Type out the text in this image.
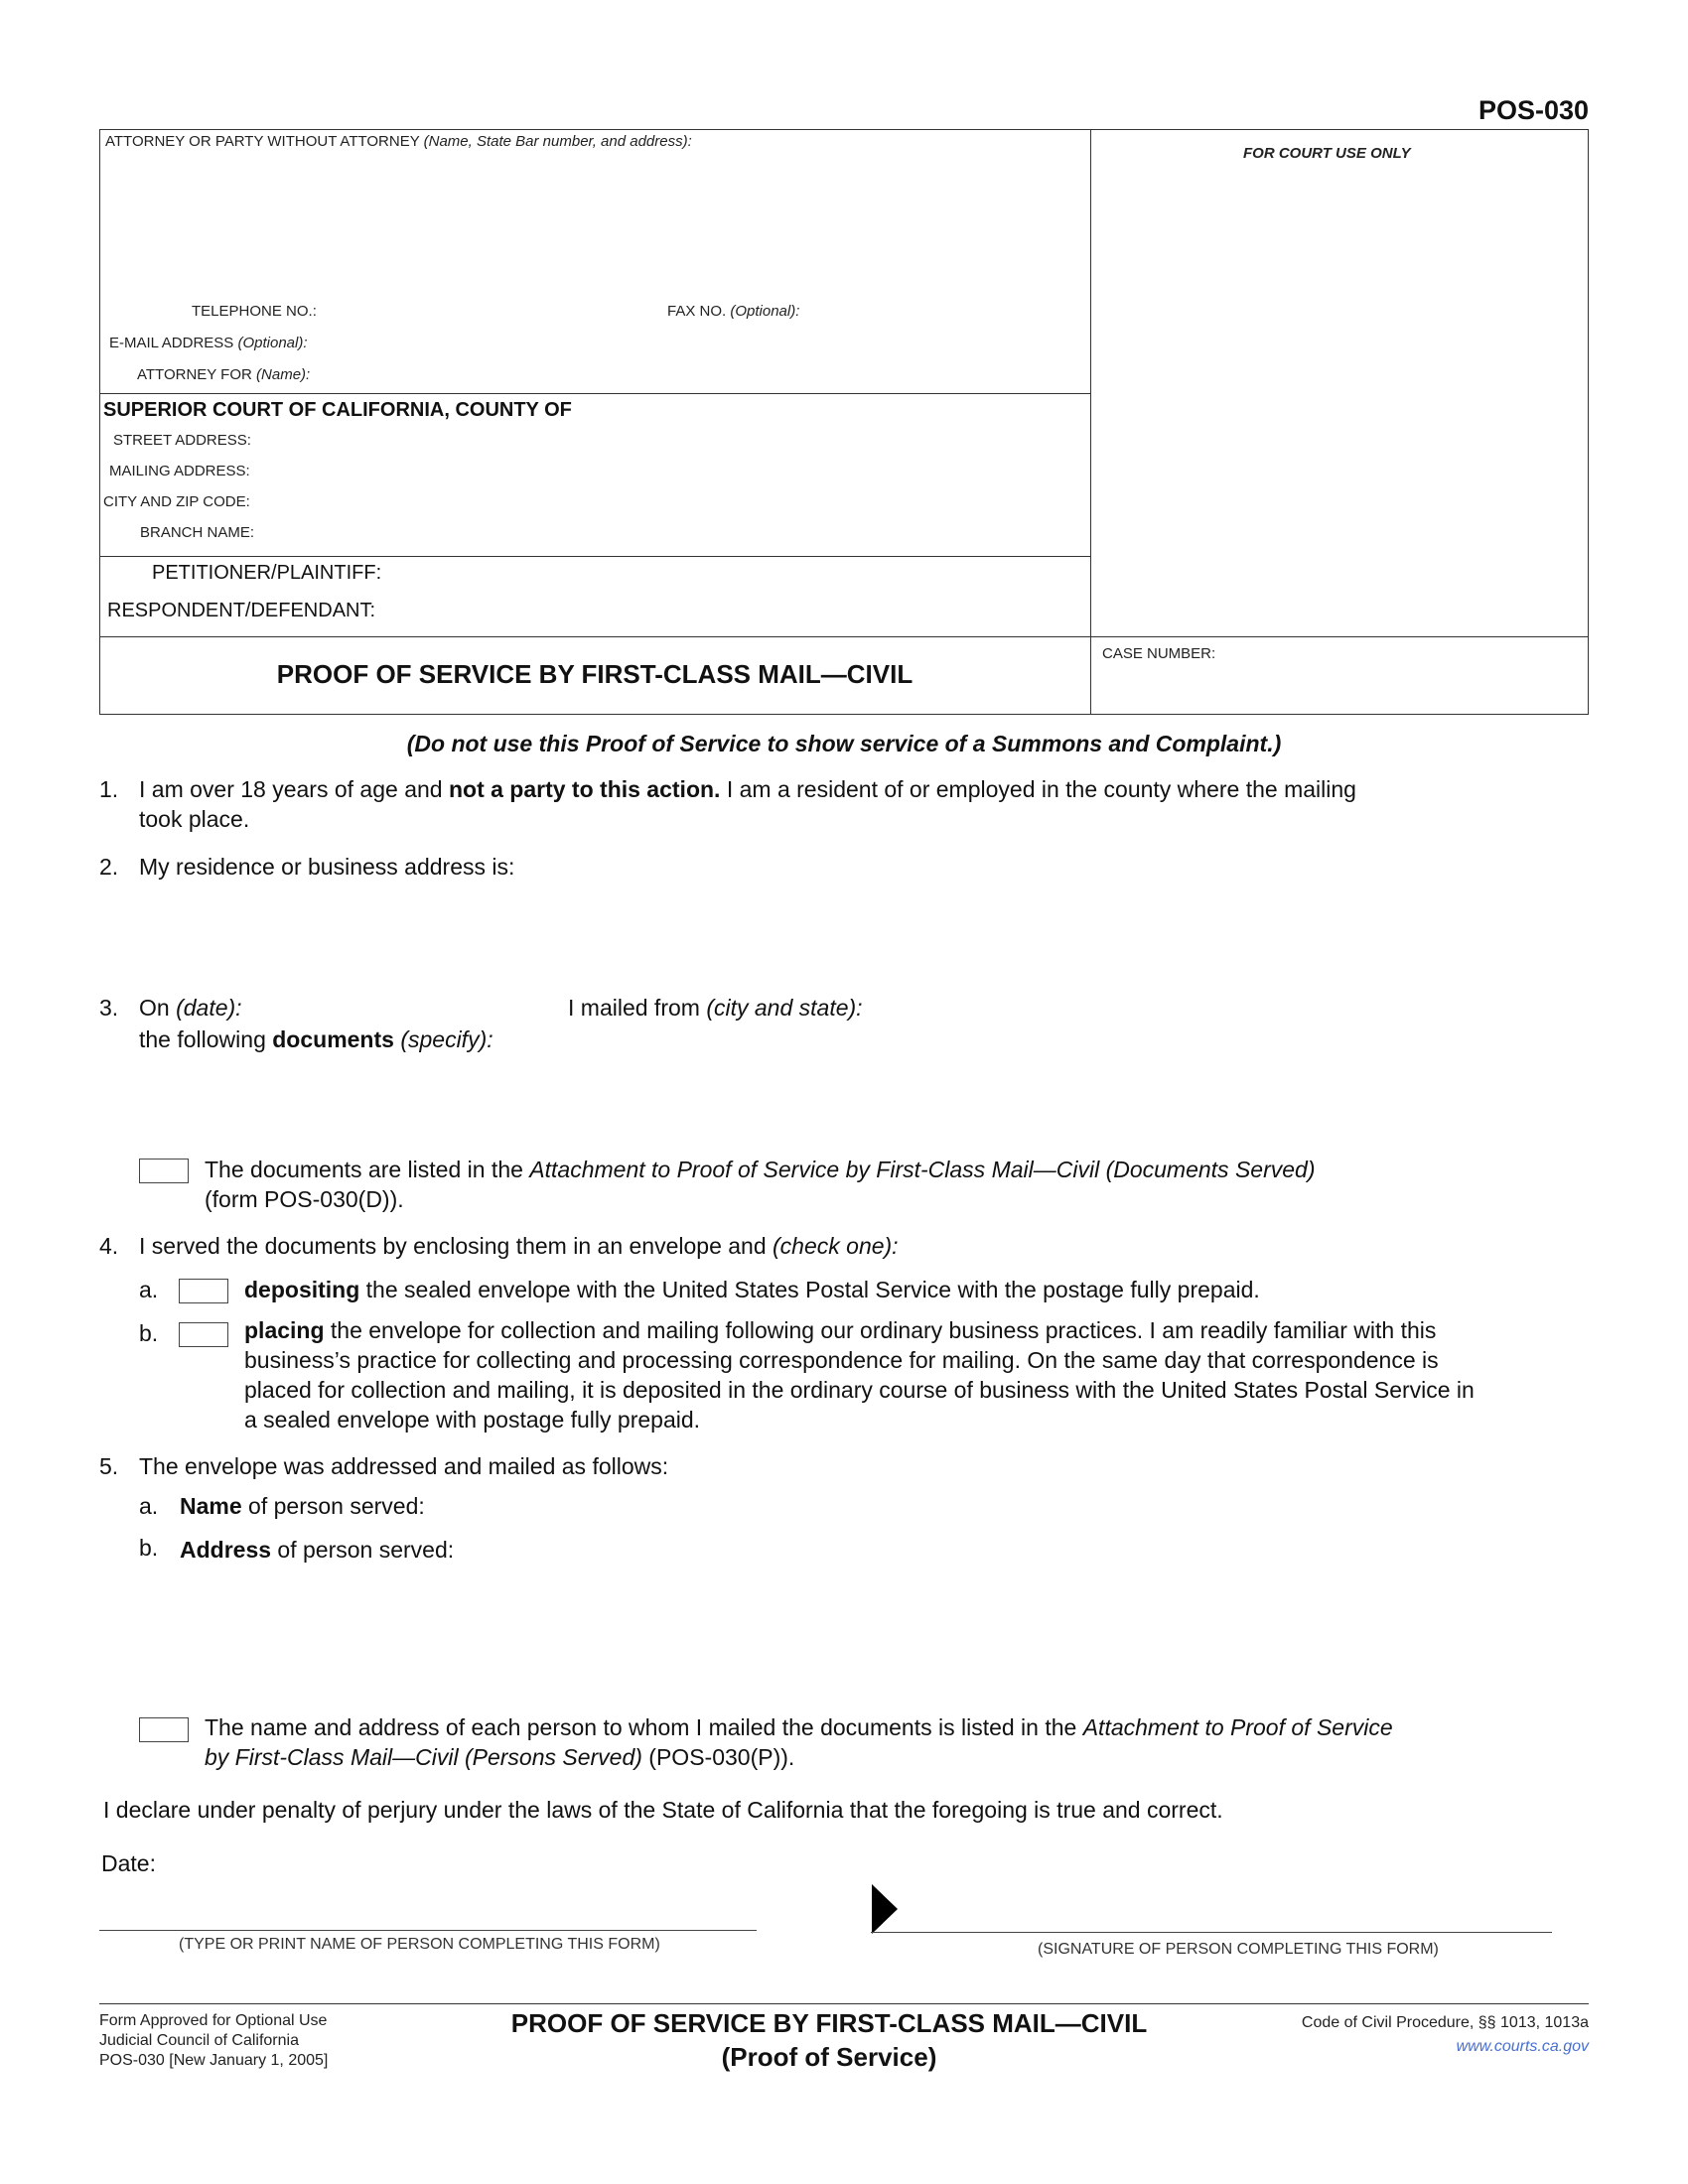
POS-030
ATTORNEY OR PARTY WITHOUT ATTORNEY (Name, State Bar number, and address):
FOR COURT USE ONLY
TELEPHONE NO.:	FAX NO. (Optional):
E-MAIL ADDRESS (Optional):
ATTORNEY FOR (Name):
SUPERIOR COURT OF CALIFORNIA, COUNTY OF
STREET ADDRESS:
MAILING ADDRESS:
CITY AND ZIP CODE:
BRANCH NAME:
PETITIONER/PLAINTIFF:
RESPONDENT/DEFENDANT:
PROOF OF SERVICE BY FIRST-CLASS MAIL—CIVIL
CASE NUMBER:
(Do not use this Proof of Service to show service of a Summons and Complaint.)
1. I am over 18 years of age and not a party to this action. I am a resident of or employed in the county where the mailing
took place.
2. My residence or business address is:
3. On (date):	I mailed from (city and state):
the following documents (specify):
The documents are listed in the Attachment to Proof of Service by First-Class Mail—Civil (Documents Served)
(form POS-030(D)).
4. I served the documents by enclosing them in an envelope and (check one):
a.	depositing the sealed envelope with the United States Postal Service with the postage fully prepaid.
b.	placing the envelope for collection and mailing following our ordinary business practices. I am readily familiar with this
business’s practice for collecting and processing correspondence for mailing. On the same day that correspondence is
placed for collection and mailing, it is deposited in the ordinary course of business with the United States Postal Service in
a sealed envelope with postage fully prepaid.
5. The envelope was addressed and mailed as follows:
a. Name of person served:
b. Address of person served:
The name and address of each person to whom I mailed the documents is listed in the Attachment to Proof of Service
by First-Class Mail—Civil (Persons Served) (POS-030(P)).
I declare under penalty of perjury under the laws of the State of California that the foregoing is true and correct.
Date:
(TYPE OR PRINT NAME OF PERSON COMPLETING THIS FORM)	(SIGNATURE OF PERSON COMPLETING THIS FORM)
Form Approved for Optional Use
Judicial Council of California
POS-030 [New January 1, 2005]
PROOF OF SERVICE BY FIRST-CLASS MAIL—CIVIL
(Proof of Service)
Code of Civil Procedure, §§ 1013, 1013a
www.courts.ca.gov
